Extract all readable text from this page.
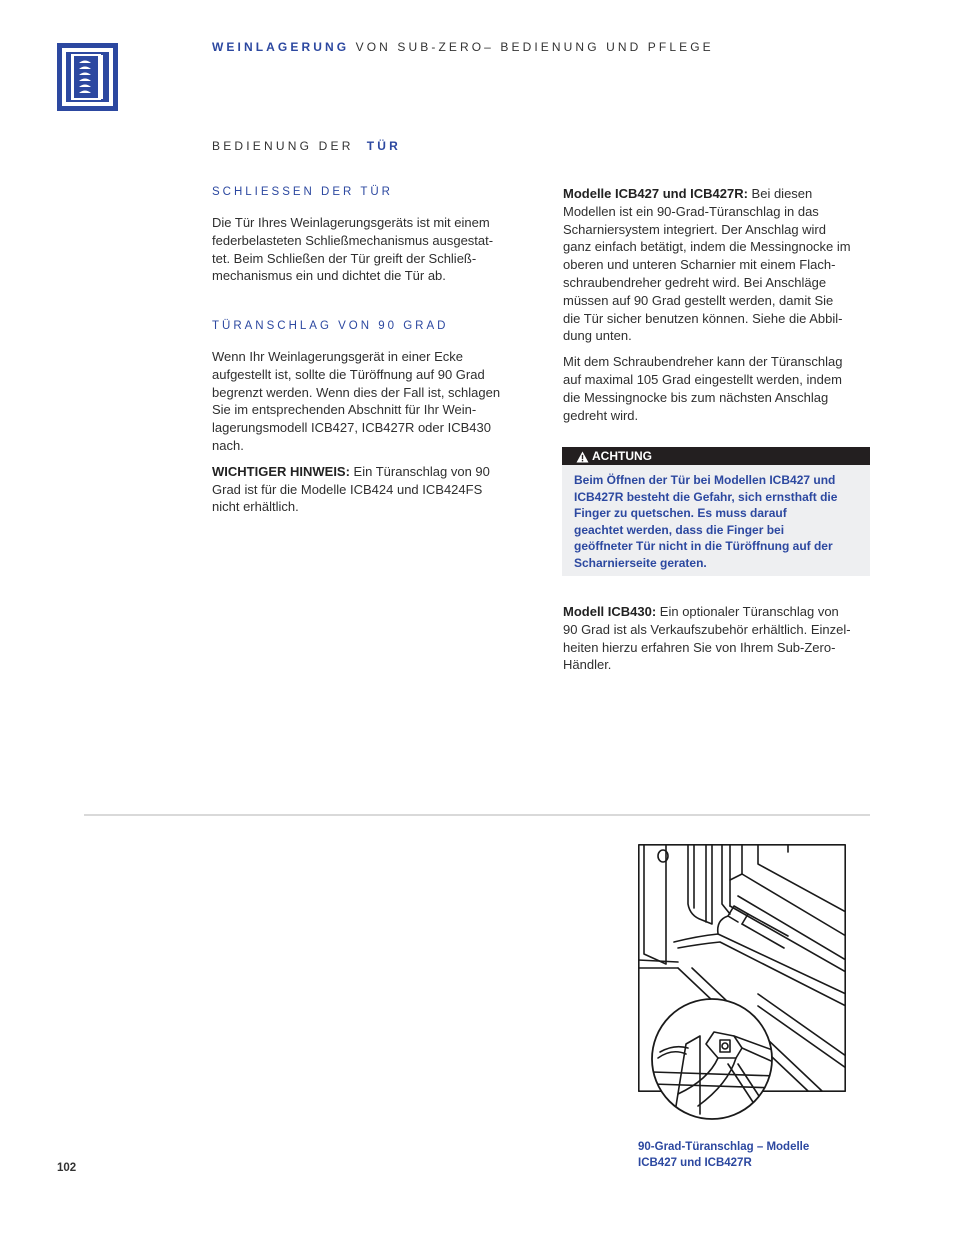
WEINLAGERUNG VON SUB-ZERO– BEDIENUNG UND PFLEGE
BEDIENUNG DER TÜR
SCHLIESSEN DER TÜR

Die Tür Ihres Weinlagerungsgeräts ist mit einem
federbelasteten Schließmechanismus ausgestat-
tet. Beim Schließen der Tür greift der Schließ-
mechanismus ein und dichtet die Tür ab.

TÜRANSCHLAG VON 90 GRAD

Wenn Ihr Weinlagerungsgerät in einer Ecke
aufgestellt ist, sollte die Türöffnung auf 90 Grad
begrenzt werden. Wenn dies der Fall ist, schlagen
Sie im entsprechenden Abschnitt für Ihr Wein-
lagerungsmodell ICB427, ICB427R oder ICB430
nach.

WICHTIGER HINWEIS: Ein Türanschlag von 90
Grad ist für die Modelle ICB424 und ICB424FS
nicht erhältlich.

Modelle ICB427 und ICB427R: Bei diesen
Modellen ist ein 90-Grad-Türanschlag in das
Scharniersystem integriert. Der Anschlag wird
ganz einfach betätigt, indem die Messingnocke im
oberen und unteren Scharnier mit einem Flach-
schraubendreher gedreht wird. Bei Anschläge
müssen auf 90 Grad gestellt werden, damit Sie
die Tür sicher benutzen können. Siehe die Abbil-
dung unten.

Mit dem Schraubendreher kann der Türanschlag
auf maximal 105 Grad eingestellt werden, indem
die Messingnocke bis zum nächsten Anschlag
gedreht wird.

ACHTUNG
Beim Öffnen der Tür bei Modellen ICB427 und
ICB427R besteht die Gefahr, sich ernsthaft die
Finger zu quetschen. Es muss darauf
geachtet werden, dass die Finger bei
geöffneter Tür nicht in die Türöffnung auf der
Scharnierseite geraten.

Modell ICB430: Ein optionaler Türanschlag von
90 Grad ist als Verkaufszubehör erhältlich. Einzel-
heiten hierzu erfahren Sie von Ihrem Sub-Zero-
Händler.

90-Grad-Türanschlag – Modelle
ICB427 und ICB427R
102
